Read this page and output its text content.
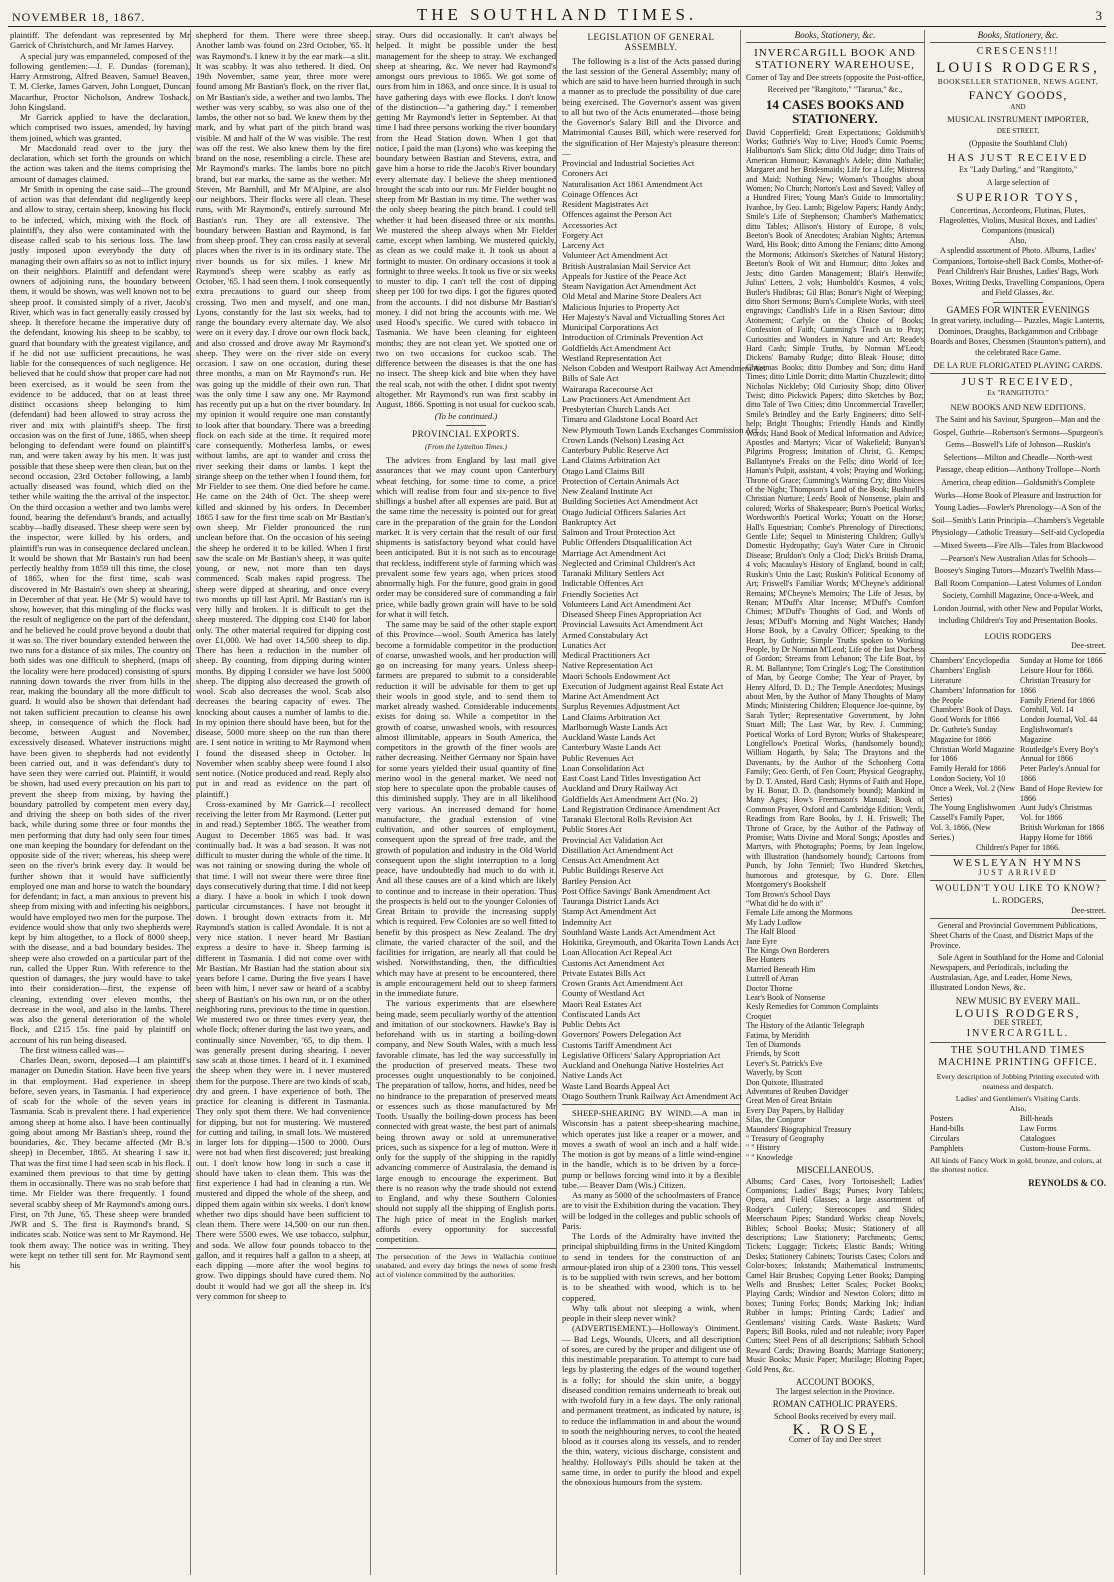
NOVEMBER 18, 1867.	THE SOUTHLAND TIMES.	3

plaintiff. The defendant was represented by Mr Garrick of Christchurch, and Mr James Harvey.

A special jury was empanneled, composed of the following gentlemen:—J. F. Dundas (foreman), Harry Armstrong, Alfred Beaven, Samuel Beaven, T. M. Clerke, James Garven, John Longuet, Duncan Macarthur, Proctor Nicholson, Andrew Toshack, John Kingsland.

Mr Garrick applied to have the declaration, which comprised two issues, amended, by having them joined, which was granted.

Mr Macdonald read over to the jury the declaration, which set forth the grounds on which the action was taken and the items comprising the amount of damages claimed.

Mr Smith in opening the case said—The ground of action was that defendant did negligently keep and allow to stray, certain sheep, knowing his flock to be infected, which, mixing with the flock of plaintiff's, they also were contaminated with the disease called scab to his serious loss. The law justly imposed upon everybody the duty of managing their own affairs so as not to inflict injury on their neighbors. Plaintiff and defendant were owners of adjoining runs, the boundary between them, it would be shown, was well known not to be sheep proof. It consisted simply of a river, Jacob's River, which was in fact generally easily crossed by sheep. It therefore became the imperative duty of the defendant, knowing his sheep to be scabby, to guard that boundary with the greatest vigilance, and if he did not use sufficient precautions, he was liable for the consequences of such negligence. He believed that he could show that proper care had not been exercised, as it would be seen from the evidence to be adduced, that on at least three distinct occasions sheep belonging to him (defendant) had been allowed to stray across the river and mix with plaintiff's sheep. The first occasion was on the first of June, 1865, when sheep belonging to defendant were found on plaintiff's run, and were taken away by his men. It was just possible that these sheep were then clean, but on the second occasion, 23rd October following, a lamb actually diseased was found, which died on the tether while waiting the the arrival of the inspector. On the third occasion a wether and two lambs were found, bearing the defendant's brands, and actually scabby—badly diseased. These sheep were seen by the inspector, were killed by his orders, and plaintiff's run was in consequence declared unclean. It would be shown that Mr Bastain's run had been perfectly healthy from 1859 till this time, the close of 1865, when for the first time, scab was discovered in Mr Bastain's own sheep at shearing, in December of that year. He (Mr S) would have to show, however, that this mingling of the flocks was the result of negligence on the part of the defendant, and he believed he could prove beyond a doubt that it was so. The river boundary extended between the two runs for a distance of six miles. The country on both sides was one difficult to shepherd, (maps of the locality were here produced) consisting of spurs running down towards the river from hills in the rear, making the boundary all the more difficult to guard. It would also be shown that defendant had not taken sufficient precaution to cleanse his own sheep, in consequence of which the flock had become, between August and November, excessively diseased. Whatever instructions might have been given to shepherds had not evidently been carried out, and it was defendant's duty to have seen they were carried out. Plaintiff, it would be shown, had used every precaution on his part to prevent the sheep from mixing, by having the boundary patrolled by competent men every day, and driving the sheep on both sides of the river back, while during some three or four months the men performing that duty had only seen four times one man keeping the boundary for defendant on the opposite side of the river; whereas, his sheep were seen on the river's brink every day. It would be further shown that it would have sufficiently employed one man and horse to watch the boundary for defendant; in fact, a man anxious to prevent his sheep from mixing with and infecting his neighbors, would have employed two men for the purpose. The evidence would show that only two shepherds were kept by him altogether, to a flock of 8000 sheep, with the disease, and a bad boundary besides. The sheep were also crowded on a particular part of the run, called the Upper Run. With reference to the question of damages, the jury would have to take into their consideration—first, the expense of cleaning, extending over eleven months, the decrease in the wool, and also in the lambs. There was also the general deterioration of the whole flock, and £215 15s. fine paid by plaintiff on account of his run being diseased.

The first witness called was—

Charles Dean, sworn, deposed—I am plaintiff's manager on Dunedin Station. Have been five years in that employment. Had experience in sheep before, seven years, in Tasmania. I had experience of scab for the whole of the seven years in Tasmania. Scab is prevalent there. I had experience among sheep at home also. I have been continually going about among Mr Bastian's sheep, round the boundaries, &c. They became affected (Mr B.'s sheep) in December, 1865. At shearing I saw it. That was the first time I had seen scab in his flock. I examined them previous to that time by getting them in occasionally. There was no scab before that time. Mr Fielder was there frequently. I found several scabby sheep of Mr Raymond's among ours. First, on 7th June, '65. These sheep were branded JWR and S. The first is Raymond's brand. S indicates scab. Notice was sent to Mr Raymond. He took them away. The notice was in writing. They were kept on tether till sent for. Mr Raymond sent his

shepherd for them. There were three sheep. Another lamb was found on 23rd October, '65. It was Raymond's. I knew it by the ear mark—a slit. It was scabby. It was also tethered. It died. On 19th November, same year, three more were found among Mr Bastian's flock, on the river flat, on Mr Bastian's side, a wether and two lambs. The wether was very scabby, so was also one of the lambs, the other not so bad. We knew them by the mark, and by what part of the pitch brand was visible. M and half of the W was visible. The rest was off the rest. We also knew them by the fire brand on the nose, resembling a circle. These are Mr Raymond's marks. The lambs bore no pitch brand, but ear marks, the same as the wether. Mr Steven, Mr Barnhill, and Mr M'Alpine, are also our neighbors. Their flocks were all clean. These runs, with Mr Raymond's, entirely surround Mr Bastian's run. They are all extensive. The boundary between Bastian and Raymond, is far from sheep proof. They can cross easily at several places when the river is in its ordinary state. The river bounds us for six miles. I knew Mr Raymond's sheep were scabby as early as October, '65. I had seen them. I took consequently extra precautions to guard our sheep from crossing. Two men and myself, and one man, Lyons, constantly for the last six weeks, had to range the boundary every alternate day. We also were on it every day. I drove our own flock back, and also crossed and drove away Mr Raymond's sheep. They were on the river side on every occasion. I saw on one occasion, during these three months, a man on Mr Raymond's run. He was going up the middle of their own run. That was the only time I saw any one. Mr Raymond has recently put up a hut on the river boundary. In my opinion it would require one man constantly to look after that boundary. There was a breeding flock on each side at the time. It required more care consequently. Motherless lambs, or ewes without lambs, are apt to wander and cross the river seeking their dams or lambs. I kept the strange sheep on the tether when I found them, for Mr Fielder to see them. One died before he came. He came on the 24th of Oct. The sheep were killed and skinned by his orders. In December 1865 I saw for the first time scab on Mr Bastian's own sheep. Mr Fielder pronounced the run unclean before that. On the occasion of his seeing the sheep he ordered it to be killed. When I first saw the scale on Mr Bastian's sheep, it was quite young, or new, not more than ten days commenced. Scab makes rapid progress. The sheep were dipped at shearing, and once every two months up till last April. Mr Bastian's run is very hilly and broken. It is difficult to get the sheep mustered. The dipping cost £140 for labor only. The other material required for dipping cost over £1,000. We had over 14,500 sheep to dip. There has been a reduction in the number of sheep. By counting, from dipping during winter months. By dipping I consider we have lost 5000 sheep. The dipping also decreased the growth of wool. Scab also decreases the wool. Scab also decreases the bearing capacity of ewes. The knocking about causes a number of lambs to die. In my opinion there should have been, but for the disease, 5000 more sheep on the run than there are. I sent notice in writing to Mr Raymond when I found the diseased sheep in October. In November when scabby sheep were found I also sent notice. (Notice produced and read. Reply also put in and read as evidence on the part of plaintiff.)

Cross-examined by Mr Garrick—I recollect receiving the letter from Mr Raymond. (Letter put in and read.) September 1865. The weather from August to December 1865 was bad. It was continually bad. It was a bad season. It was not difficult to muster during the whole of the time. It was not raining or snowing during the whole of that time. I will not swear there were three fine days consecutively during that time. I did not keep a diary. I have a book in which I took down particular circumstances. I have not brought it down. I brought down extracts from it. Mr Raymond's station is called Avondale. It is not a very nice station. I never heard Mr Bastian express a desire to have it. Sheep farming is different in Tasmania. I did not come over with Mr Bastian. Mr Bastian had the station about six years before I came. During the five years I have been with him, I never saw or heard of a scabby sheep of Bastian's on his own run, or on the other neighboring runs, previous to the time in question. We mustered two or three times every year, the whole flock; oftener during the last two years, and continually since November, '65, to dip them. I was generally present during shearing. I never saw scab at those times. I heard of it. I examined the sheep when they were in. I never mustered them for the purpose. There are two kinds of scab, dry and green. I have experience of both. The practice for cleaning is different in Tasmania. They only spot them there. We had convenience for dipping, but not for mustering. We mustered for cutting and tailing, in small lots. We mustered in larger lots for dipping—1500 to 2000. Ours were not bad when first discovered; just breaking out. I don't know how long in such a case it should have taken to clean them. This was the first experience I had had in cleaning a run. We mustered and dipped the whole of the sheep, and dipped them again within six weeks. I don't know whether two dips should have been sufficient to clean them. There were 14,500 on our run then. There were 5500 ewes. We use tobacco, sulphur, and soda. We allow four pounds tobacco to the gallon, and it requires half a gallon to a sheep, at each dipping —more after the wool begins to grow. Two dippings should have cured them. No doubt it would had we got all the sheep in. It's very common for sheep to

stray. Ours did occasionally. It can't always be helped. It might be possible under the best management for the sheep to stray. We exchanged sheep at shearing, &c. We never had Raymond's amongst ours previous to 1865. We got some of ours from him in 1863, and once since. It is usual to have gathering days with ewe flocks. I don't know of the distinction—"a gathering day." I remember getting Mr Raymond's letter in September. At that time I had three persons working the river boundary from the Head Station down. When I got that notice, I paid the man (Lyons) who was keeping the boundary between Bastian and Stevens, extra, and gave him a horse to ride the Jacob's River boundary every alternate day. I believe the sheep mentioned brought the scab into our run. Mr Fielder bought no sheep from Mr Bastian in my time. The wether was the only sheep bearing the pitch brand. I could tell whether it had been diseased three or six months. We mustered the sheep always when Mr Fielder came, except when lambing. We mustered quickly, as clean as we could make it. It took us about a fortnight to muster. On ordinary occasions it took a fortnight to three weeks. It took us five or six weeks to muster to dip. I can't tell the cost of dipping sheep per 100 for two dips. I got the figures quoted from the accounts. I did not disburse Mr Bastian's money. I did not bring the accounts with me. We used Hood's specific. We cured with tobacco in Tasmania. We have been cleaning for eighteen months; they are not clean yet. We spotted one or two on two occasions for cuckoo scab. The difference between the diseases is that the one has no insect. The sheep kick and bite when they have the real scab, not with the other. I didnt spot twenty altogether. Mr Raymond's run was first scabby in August, 1866. Spotting is not usual for cuckoo scab.

(To be continued.)
PROVINCIAL EXPORTS.
(From the Lyttelton Times.)

The advices from England by last mail give assurances that we may count upon Canterbury wheat fetching, for some time to come, a price which will realise from four and six-pence to five shillings a bushel after all expenses are paid. But at the same time the necessity is pointed out for great care in the preparation of the grain for the London market. It is very certain that the result of our first shipments is satisfactory beyond what could have been anticipated. But it is not such as to encourage that reckless, indifferent style of farming which was prevalent some few years ago, when prices stood abnormally high. For the future, good grain in good order may be considered sure of commanding a fair price, while badly grown grain will have to be sold for what it will fetch.

The same may be said of the other staple export of this Province—wool. South America has lately become a formidable competitor in the production of coarse, unwashed wools, and her production will go on increasing for many years. Unless sheep-farmers are prepared to submit to a considerable reduction it will be advisable for them to get up their wools in good style, and to send them to market already washed. Considerable inducements exists for doing so. While a competitor in the growth of coarse, unwashed wools, with resources almost illimitable, appears in South America, the competitors in the growth of the finer wools are rather decreasing. Neither Germany nor Spain have for some years yielded their usual quantity of fine merino wool in the general market. We need not stop here to speculate upon the probable causes of this diminished supply. They are in all likelihood very various. An increased demand for home manufacture, the gradual extension of vine cultivation, and other sources of employment, consequent upon the spread of free trade, and the growth of population and industry in the Old World consequent upon the slight interruption to a long peace, have undoubtedly had much to do with it. And all these causes are of a kind which are likely to continue and to increase in their operation. Thus the prospects is held out to the younger Colonies of Great Britain to provide the increasing supply which is required. Few Colonies are so well fitted to benefit by this prospect as New Zealand. The dry climate, the varied character of the soil, and the facilities for irrigation, are nearly all that could be wished. Notwithstanding, then, the difficulties which may have at present to be encountered, there is ample encouragement held out to sheep farmers in the immediate future.

The various experiments that are elsewhere being made, seem peculiarly worthy of the attention and imitation of our stockowners. Hawke's Bay is beforehand with us in starting a boiling-down company, and New South Wales, with a much less favorable climate, has led the way successfully in the production of preserved meats. These two processes ought unquestionably to be conjoined. The preparation of tallow, horns, and hides, need be no hindrance to the preparation of preserved meats or essences such as those manufactured by Mr Tooth. Usually the boiling-down process has been connected with great waste, the best part of animals being thrown away or sold at unremunerative prices, such as sixpence for a leg of mutton. Were it only for the supply of the shipping in the rapidly advancing commerce of Australasia, the demand is large enough to encourage the experiment. But there is no reason why the trade should not extend to England, and why these Southern Colonies should not supply all the shipping of English ports. The high price of meat in the English market affords every opportunity for successful competition.

The persecution of the Jews in Wallachia continue unabated, and every day brings the news of some fresh act of violence committed by the authorities.
LEGISLATION OF GENERAL ASSEMBLY.

The following is a list of the Acts passed during the last session of the General Assembly; many of which are said to have been hurried through in such a manner as to preclude the possibility of due care being exercised. The Governor's assent was given to all but two of the Acts enumerated—those being the Governor's Salary Bill and the Divorce and Matrimonial Causes Bill, which were reserved for the signification of Her Majesty's pleasure thereon:—

Provincial and Industrial Societies Act
Coroners Act
Naturalisation Act 1861 Amendment Act
Coinage Offences Act
Resident Magistrates Act
Offences against the Person Act
Accessories Act
Forgery Act
Larceny Act
Volunteer Act Amendment Act
British Australasian Mail Service Act
Appeals for Justice of the Peace Act
Steam Navigation Act Amendment Act
Old Metal and Marine Store Dealers Act
Malicious Injuries to Property Act
Her Majesty's Naval and Victualling Stores Act
Municipal Corporations Act
Introduction of Criminals Prevention Act
Goldfields Act Amendment Act
Westland Representation Act
Nelson Cobden and Westport Railway Act Amendment Act
Bills of Sale Act
Wairarapa Racecourse Act
Law Practioners Act Amendment Act
Presbyterian Church Lands Act
Timaru and Gladstone Local Board Act
New Plymouth Town Lands Exchanges Commission Act
Crown Lands (Nelson) Leasing Act
Canterbury Public Reserve Act
Land Claims Arbitration Act
Otago Land Claims Bill
Protection of Certain Animals Act
New Zealand Institute Act
Building Societies Act Amendment Act
Otago Judicial Officers Salaries Act
Bankruptcy Act
Salmon and Trout Protection Act
Public Offenders Disqualification Act
Marriage Act Amendment Act
Neglected and Criminal Children's Act
Taranaki Military Settlers Act
Indictable Offences Act
Friendly Societies Act
Volunteers Land Act Amendment Act
Diseased Sheep Fines Appropriation Act
Provincial Lawsuits Act Amendment Act
Armed Constabulary Act
Lunatics Act
Medical Practitioners Act
Native Representation Act
Maori Schools Endowment Act
Execution of Judgment against Real Estate Act
Marine Act Amendment Act
Surplus Revenues Adjustment Act
Land Claims Arbitration Act
Marlborough Waste Lands Act
Auckland Waste Lands Act
Canterbury Waste Lands Act
Public Revenues Act
Loan Consolidation Act
East Coast Land Titles Investigation Act
Auckland and Drury Railway Act
Goldfields Act Amendment Act (No. 2)
Land Registration Ordinance Amendment Act
Taranaki Electoral Rolls Revision Act
Public Stores Act
Provincial Act Validation Act
Distillation Act Amendment Act
Census Act Amendment Act
Public Buildings Reserve Act
Bartley Pension Act
Post Office Savings' Bank Amendment Act
Tauranga District Lands Act
Stamp Act Amendment Act
Indemnity Act
Southland Waste Lands Act Amendment Act
Hokitika, Greymouth, and Okarita Town Lands Act
Loan Allocation Act Repeal Act
Customs Act Amendment Act
Private Estates Bills Act
Crown Grants Act Amendment Act
County of Westland Act
Maori Real Estates Act
Confiscated Lands Act
Public Debts Act
Governors' Powers Delegation Act
Customs Tariff Amendment Act
Legislative Officers' Salary Appropriation Act
Auckland and Onehunga Native Hostelries Act
Native Lands Act
Waste Land Boards Appeal Act
Otago Southern Trunk Railway Act Amendment Act

SHEEP-SHEARING BY WIND.—A man in Wisconsin has a patent sheep-shearing machine, which operates just like a reaper or a mower, and moves a swath of wool an inch and a half wide. The motion is got by means of a little wind-engine in the handle, which is to be driven by a force-pump or bellows forcing wind into it by a flexible tube.— Beaver Dam (Wis.) Citizen.

As many as 5000 of the schoolmasters of France are to visit the Exhibition during the vacation. They will be lodged in the colleges and public schools of Paris.

The Lords of the Admiralty have invited the principal shipbuilding firms in the United Kingdom to send in tenders for the construction of an armour-plated iron ship of a 2300 tons. This vessel is to be supplied with twin screws, and her bottom is to be sheathed with wood, which is to be coppered.

Why talk about not sleeping a wink, when people in their sleep never wink?

(ADVERTISEMENT.)—Holloway's Ointment.— Bad Legs, Wounds, Ulcers, and all description of sores, are cured by the proper and diligent use of this inestimable preparation. To attempt to cure bad legs by plastering the edges of the wound together is a folly; for should the skin unite, a boggy diseased condition remains underneath to break out with twofold fury in a few days. The only rational and permanent treatment, as indicated by nature, is to reduce the inflammation in and about the wound to sooth the neighbouring nerves, to cool the heated blood as it courses along its vessels, and to render the thin, watery, vicious discharge, consistent and healthy. Holloway's Pills should be taken at the same time, in order to purify the blood and expel the obnoxious humours from the system.

Books, Stationery, &c.
INVERCARGILL BOOK AND STATIONERY WAREHOUSE,
Corner of Tay and Dee streets (opposite the Post-office,
Received per "Rangitoto," "Tararua," &c.,
14 CASES BOOKS AND STATIONERY.
David Copperfield; Great Expectations; Goldsmith's Works; Guthrie's Way to Live; Hood's Comic Poems; Haliburton's Sam Slick; ditto Old Judge; ditto Traits of American Humour; Kavanagh's Adele; ditto Nathalie; Margaret and her Bridesmaids; Life for a Life; Mistress and Maid; Nothing New; Woman's Thoughts about Women; No Church; Norton's Lost and Saved; Valley of a Hundred Fires; Young Man's Guide to Immortality; Ivanhoe, by Geo. Lamb; Bigelow Papers; Handy Andy; Smile's Life of Stephenson; Chamber's Mathematics; ditto Tables; Allison's History of Europe, 8 vols; Beeton's Book of Anecdotes; Arabian Nights; Artemus Ward, His Book; ditto Among the Fenians; ditto Among the Mormons; Atkinson's Sketches of Natural History; Beeton's Book of Wit and Humour; ditto Jokes and Jests; ditto Garden Management; Blair's Henwife; Julius' Letters, 2 vols; Humboldt's Kosmos, 4 vols; Butler's Hudibras; Gil Blas; Bonar's Night of Weeping; ditto Short Sermons; Burn's Complete Works, with steel engravings; Candlish's Life in a Risen Saviour; ditto Atonement; Carlyle on the Choice of Books; Confession of Faith; Cumming's Teach us to Pray; Curiosities and Wonders in Nature and Art; Reade's Hard Cash; Simple Truths, by Norman M'Leod; Dickens' Barnaby Rudge; ditto Bleak House; ditto Christmas Books; ditto Dombey and Son; ditto Hard Times; ditto Little Dorrit; ditto Martin Chuzzlewit; ditto Nicholas Nickleby; Old Curiosity Shop; ditto Oliver Twist; ditto Pickwick Papers; ditto Sketches by Boz; ditto Tale of Two Cities; ditto Uncommercial Traveller; Smile's Brindley and the Early Engineers; ditto Self-help; Bright Thoughts; Friendly Hands and Kindly Words; Hand Book of Medical Information and Advice; Apostles and Martyrs; Vicar of Wakefield; Bunyan's Pilgrims Progress; Imitation of Christ, G. Kemps; Ballantyne's Freaks on the Fells; ditto World of Ice; Haman's Pulpit, assistant, 4 vols; Praying and Working; Throne of Grace; Cumming's Warning Cry; ditto Voices of the Night; Thompson's Land of the Book; Bushnell's Christian Nurture; Leeds' Book of Nonsense, plain and colored; Works of Shakespeare; Burn's Poetical Works; Wordsworth's Poetical Works; Youatt on the Horse; Hall's Equestrian; Combe's Phrenology of Directions; Gentle Life; Sequel to Ministering Children; Gully's Domestic Hydropathy; Guy's Water Cure in Chronic Disease; Bruldon's Only a Clod; Dick's British Drama, 4 vols; Macaulay's History of England, bound in calf; Ruskin's Unto the Last; Ruskin's Political Economy of Art; Friswell's Familiar Words; M'Cheyne's additional Remains; M'Cheyne's Memoirs; The Life of Jesus, by Renan; M'Duff's Altar Incense; M'Duff's Comfort Chimes; M'Duff's Thoughts of God, and Words of Jesus; M'Duff's Morning and Night Watches; Handy Horse Book, by a Cavalry Officer; Speaking to the Heart, by Guthrie; Simple Truths spoken to Working People, by Dr Norman M'Leod; Life of the last Duchess of Gordon; Streams from Lebanon; The Life Boat, by R. M. Ballantyne; Tom Cringle's Log; The Constitution of Man, by George Combe; The Year of Prayer, by Henry Alford, D. D.; The Temple Anecdotes; Musings about Men, by the Author of Many Thoughts of Many Minds; Ministering Children; Eloquence Joe-quinne, by Sarah Tytler; Representative Government, by John Stuart Mill; The Last War, by Rev. J. Cumming; Poetical Works of Lord Byron; Works of Shakespeare; Longfellow's Poetical Works, (handsomely bound); William Hogarth, by Sala; The Draytons and the Davenants, by the Author of the Schonberg Cotta Family; Geo. Gerth, of Fen Court; Physical Geography, by D. T. Ansted, Hard Cash; Hymns of Faith and Hope, by H. Bonar, D. D. (handsomely bound); Mankind in Many Ages; How's Freemason's Manual; Book of Common Prayer, Oxford and Cambridge Edition; Verdi, Readings from Rare Books, by J. H. Friswell; The Throne of Grace, by the Author of the Pathway of Promise; Watts Divine and Moral Songs; Apostles and Martyrs, with Photographs; Poems, by Jean Ingelow, with Illustration (handsomely bound); Cartoons from Punch, by John Tenniel; Two Hundred Sketches, humorous and grotesque, by G. Dore. Ellen Montgomery's Bookshelf
Tom Brown's School Days
"What did he do with it"
Female Life among the Mormons
My Lady Ludlow
The Half Blood
Jane Eyre
The Kings Own Borderers
Bee Hunters
Married Beneath Him
Luttrell of Arran
Doctor Thorne
Lear's Book of Nonsense
Kesly Remedies for Common Complaints
Croquet
The History of the Atlantic Telegraph
Fatima, by Meridith
Ten of Diamonds
Friends, by Scott
Lever's St. Patrick's Eve
Waverly, by Scott
Don Quixote, Illustrated
Adventures of Reuben Davidger
Great Men of Great Britain
Every Day Papers, by Halliday
Silas, the Conjuror
Maunders' Biographical Treasury
" Treasury of Geography
" " History
" " Knowledge
MISCELLANEOUS.
Albums; Card Cases, Ivory Tortoiseshell; Ladies' Companions; Ladies' Bags; Purses; Ivory Tablets; Opera, and Field Glasses; a large assortment of Rodger's Cutlery; Stereoscopes and Slides; Meerschaum Pipes; Standard Works; cheap Novels; Bibles; School Books; Music; Stationery of all descriptions; Law Stationery; Parchments; Gems; Tickets; Luggage; Tickets; Elastic Bands; Writing Desks; Stationery Cabinets; Tourists Cases; Colors and Color-boxes; Inkstands; Mathematical Instruments; Camel Hair Brushes; Copying Letter Books; Damping Wells and Brushes; Letter Scales; Pocket Books; Playing Cards; Windsor and Newton Colors; ditto in boxes; Tuning Forks; Bonds; Marking Ink; Indian Rubber in lumps; Printing Cards; Ladies' and Gentlemans' visiting Cards. Waste Baskets; Ward Papers; Bill Books, ruled and not ruleable; ivory Paper Cutters; Steel Pens of all descriptions; Sabbath School Reward Cards; Drawing Boards; Marriage Stationery; Music Books; Music Paper; Mucilage; Blotting Paper, Gold Pens, &c.
ACCOUNT BOOKS,
The largest selection in the Province.
ROMAN CATHOLIC PRAYERS.
School Books received by every mail.
K. ROSE,
Corner of Tay and Dee street
Books, Stationery, &c.
CRESCENS!!!
LOUIS RODGERS,
BOOKSELLER STATIONER, NEWS AGENT,
FANCY GOODS,
AND
MUSICAL INSTRUMENT IMPORTER,
DEE STREET,
(Opposite the Southland Club)
HAS JUST RECEIVED
Ex "Lady Darling," and "Rangitoto,"
A large selection of
SUPERIOR TOYS,
Concertinas, Accordeons, Flutinas, Flutes, Flageolettes, Violins, Musical Boxes, and Ladies' Companions (musical)
Also,
A splendid assortment of Photo. Albums, Ladies' Companions, Tortoise-shell Back Combs, Mother-of-Pearl Children's Hair Brushes, Ladies' Bags, Work Boxes, Writing Desks, Travelling Companions, Opera and Field Glasses, &c.
GAMES FOR WINTER EVENINGS
In great variety, including— Puzzles, Magic Lanterns, Dominoes, Draughts, Backgammon and Cribbage Boards and Boxes, Chessmen (Staunton's pattern), and the celebrated Race Game.
DE LA RUE FLORIGATED PLAYING CARDS.
JUST RECEIVED,
Ex "RANGITOTO."
NEW BOOKS AND NEW EDITIONS.
The Saint and his Saviour, Spurgeon—Man and the Gospel, Guthrie—Robertson's Sermons—Spurgeon's Gems—Boswell's Life of Johnson—Ruskin's Selections—Milton and Cheadle—North-west Passage, cheap edition—Anthony Trollope—North America, cheap edition—Goldsmith's Complete Works—Home Book of Pleasure and Instruction for Young Ladies—Fowler's Phrenology—A Son of the Soil—Smith's Latin Principia—Chambers's Vegetable Physiology—Catholic Treasury—Self-aid Cyclopedia—Mixed Sweets—Fire Alls—Tales from Blackwood—Pearson's New Australian Atlas for Schools—Boosey's Singing Tutors—Mozart's Twelfth Mass—Ball Room Companion—Latest Volumes of London Society, Cornhill Magazine, Once-a-Week, and London Journal, with other New and Popular Works, including Children's Toy and Presentation Books.
LOUIS RODGERS
Dee-street.
Chambers' Encyclopedia
Chambers' English Literature
Chambers' Information for the People
Chambers' Book of Days.
Good Words for 1866
Dr. Guthrie's Sunday Magazine for 1866
Christian World Magazine for 1866
Family Herald for 1866
London Society, Vol 10
Once a Week, Vol. 2 (New Series)
The Young Englishwomen
Cassell's Family Paper, Vol. 3, 1866, (New Series.)
Sunday at Home for 1866
Leisure Hour for 1866.
Christian Treasury for 1866
Family Friend for 1866
Cornhill, Vol. 14
London Journal, Vol. 44
Englishwoman's Magazine
Routledge's Every Boy's Annual for 1866
Peter Parley's Annual for 1866
Band of Hope Review for 1866
Aunt Judy's Christmas Vol. for 1866
British Workman for 1866
Happy Home for 1866
Children's Paper for 1866.
WESLEYAN HYMNS
JUST ARRIVED
WOULDN'T YOU LIKE TO KNOW?
L. RODGERS,
Dee-street.
General and Provincial Government Publications, Sheet Charts of the Coast, and District Maps of the Province.
Sole Agent in Southland for the Home and Colonial Newspapers, and Periodicals, including the Australasian, Age, and Leader, Home News, Illustrated London News, &c.
NEW MUSIC BY EVERY MAIL.
LOUIS RODGERS,
DEE STREET,
INVERCARGILL.
THE SOUTHLAND TIMES MACHINE PRINTING OFFICE.
Every description of Jobbing Printing executed with neatness and despatch.
Ladies' and Gentlemen's Visiting Cards.
Also,
Posters
Hand-bills
Circulars
Pamphlets
Bill-heads
Law Forms
Catalogues
Custom-house Forms.
All kinds of Fancy Work in gold, bronze, and colors, at the shortest notice.
REYNOLDS & CO.
